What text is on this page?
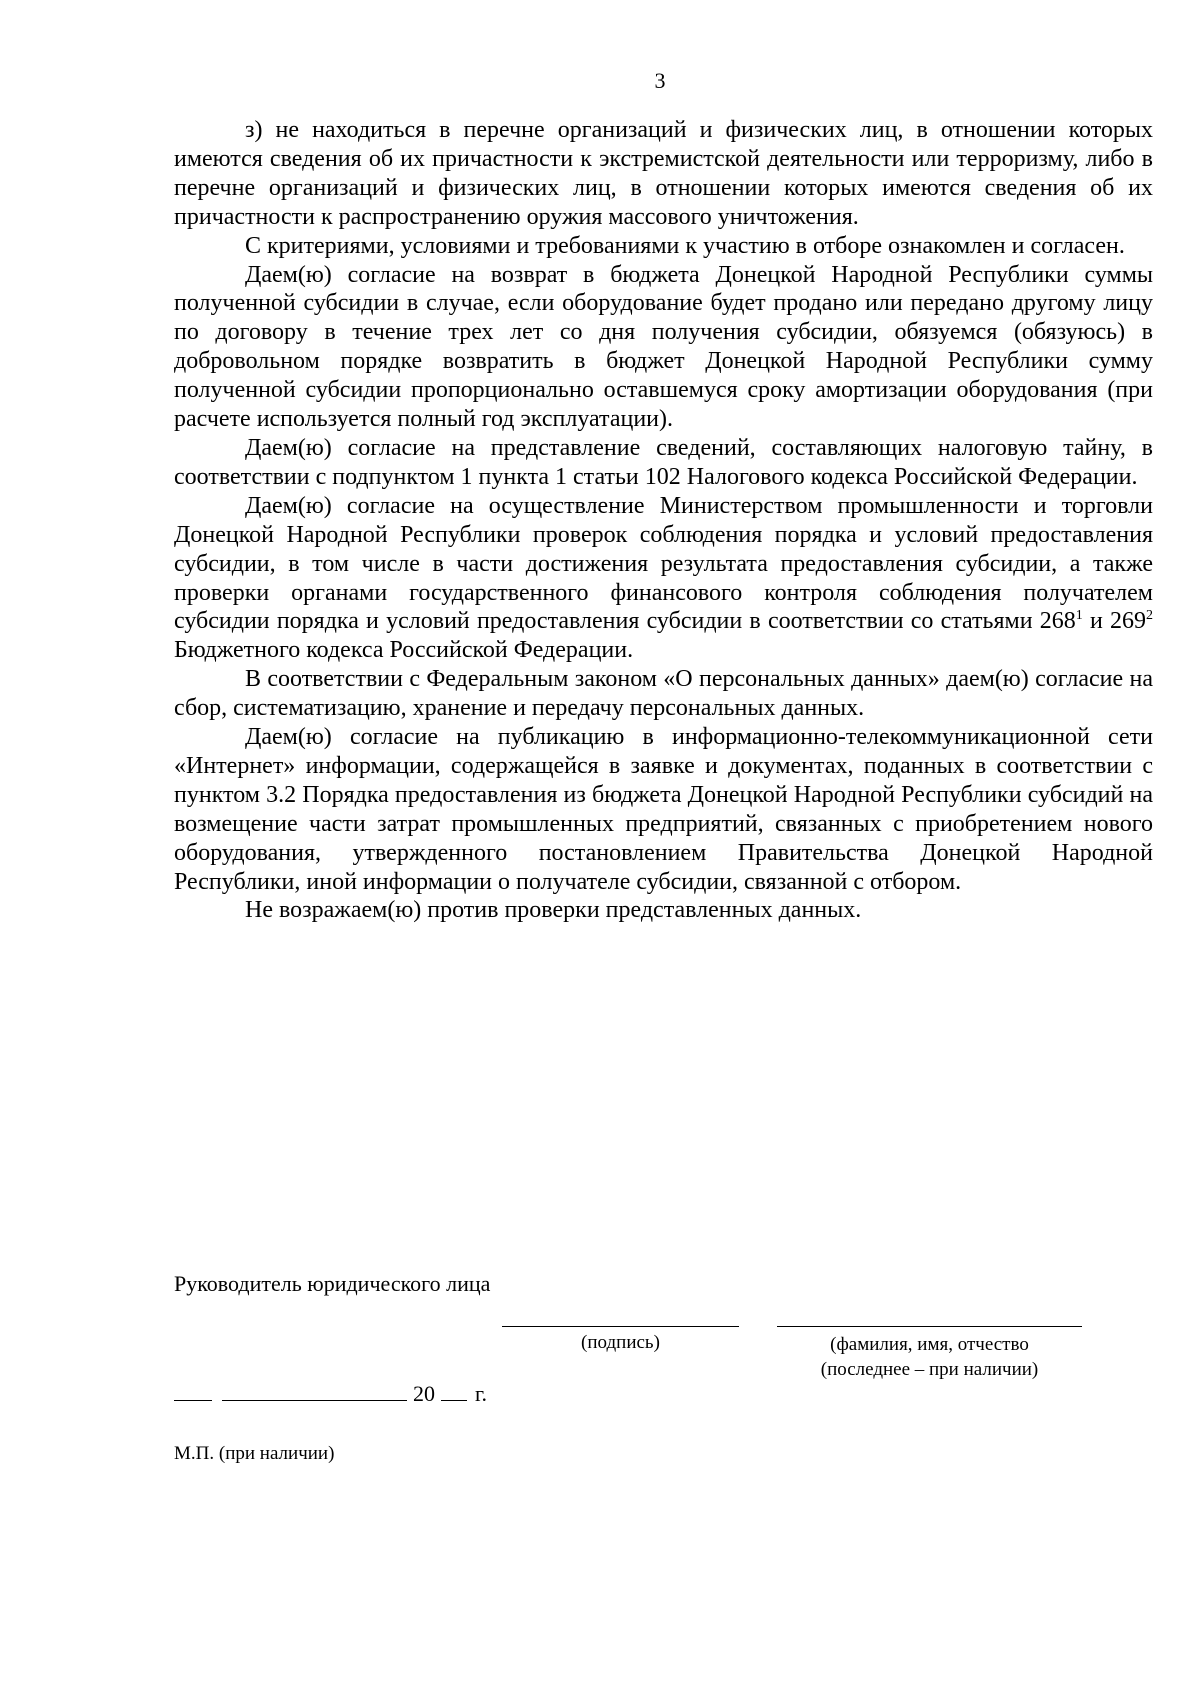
3

з) не находиться в перечне организаций и физических лиц, в отношении которых имеются сведения об их причастности к экстремистской деятельности или терроризму, либо в перечне организаций и физических лиц, в отношении которых имеются сведения об их причастности к распространению оружия массового уничтожения.

С критериями, условиями и требованиями к участию в отборе ознакомлен и согласен.

Даем(ю) согласие на возврат в бюджета Донецкой Народной Республики суммы полученной субсидии в случае, если оборудование будет продано или передано другому лицу по договору в течение трех лет со дня получения субсидии, обязуемся (обязуюсь) в добровольном порядке возвратить в бюджет Донецкой Народной Республики сумму полученной субсидии пропорционально оставшемуся сроку амортизации оборудования (при расчете используется полный год эксплуатации).

Даем(ю) согласие на представление сведений, составляющих налоговую тайну, в соответствии с подпунктом 1 пункта 1 статьи 102 Налогового кодекса Российской Федерации.

Даем(ю) согласие на осуществление Министерством промышленности и торговли Донецкой Народной Республики проверок соблюдения порядка и условий предоставления субсидии, в том числе в части достижения результата предоставления субсидии, а также проверки органами государственного финансового контроля соблюдения получателем субсидии порядка и условий предоставления субсидии в соответствии со статьями $268^1$ и $269^2$ Бюджетного кодекса Российской Федерации.

В соответствии с Федеральным законом «О персональных данных» даем(ю) согласие на сбор, систематизацию, хранение и передачу персональных данных.

Даем(ю) согласие на публикацию в информационно-телекоммуникационной сети «Интернет» информации, содержащейся в заявке и документах, поданных в соответствии с пунктом 3.2 Порядка предоставления из бюджета Донецкой Народной Республики субсидий на возмещение части затрат промышленных предприятий, связанных с приобретением нового оборудования, утвержденного постановлением Правительства Донецкой Народной Республики, иной информации о получателе субсидии, связанной с отбором.

Не возражаем(ю) против проверки представленных данных.

Руководитель юридического лица
(подпись)	(фамилия, имя, отчество
(последнее – при наличии)
20 г.
М.П. (при наличии)
